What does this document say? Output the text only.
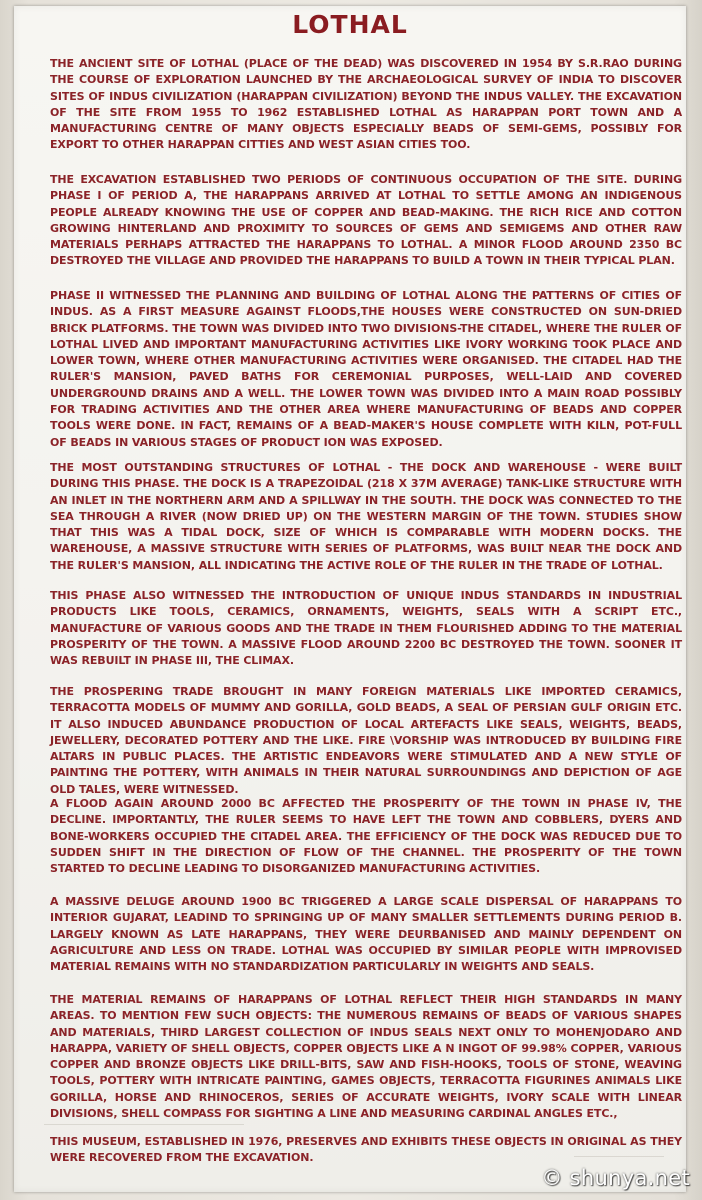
LOTHAL
THE ANCIENT SITE OF LOTHAL (PLACE OF THE DEAD) WAS DISCOVERED IN 1954 BY S.R.RAO DURING THE COURSE OF EXPLORATION LAUNCHED BY THE ARCHAEOLOGICAL SURVEY OF INDIA TO DISCOVER SITES OF INDUS CIVILIZATION (HARAPPAN CIVILIZATION) BEYOND THE INDUS VALLEY. THE EXCAVATION OF THE SITE FROM 1955 TO 1962 ESTABLISHED LOTHAL AS HARAPPAN PORT TOWN AND A MANUFACTURING CENTRE OF MANY OBJECTS ESPECIALLY BEADS OF SEMI-GEMS, POSSIBLY FOR EXPORT TO OTHER HARAPPAN CITTIES AND WEST ASIAN CITIES TOO.
THE EXCAVATION ESTABLISHED TWO PERIODS OF CONTINUOUS OCCUPATION OF THE SITE. DURING PHASE I OF PERIOD A, THE HARAPPANS ARRIVED AT LOTHAL TO SETTLE AMONG AN INDIGENOUS PEOPLE ALREADY KNOWING THE USE OF COPPER AND BEAD-MAKING. THE RICH RICE AND COTTON GROWING HINTERLAND AND PROXIMITY TO SOURCES OF GEMS AND SEMIGEMS AND OTHER RAW MATERIALS PERHAPS ATTRACTED THE HARAPPANS TO LOTHAL. A MINOR FLOOD AROUND 2350 BC DESTROYED THE VILLAGE AND PROVIDED THE HARAPPANS TO BUILD A TOWN IN THEIR TYPICAL PLAN.
PHASE II WITNESSED THE PLANNING AND BUILDING OF LOTHAL ALONG THE PATTERNS OF CITIES OF INDUS. AS A FIRST MEASURE AGAINST FLOODS,THE HOUSES WERE CONSTRUCTED ON SUN-DRIED BRICK PLATFORMS. THE TOWN WAS DIVIDED INTO TWO DIVISIONS-THE CITADEL, WHERE THE RULER OF LOTHAL LIVED AND IMPORTANT MANUFACTURING ACTIVITIES LIKE IVORY WORKING TOOK PLACE AND LOWER TOWN, WHERE OTHER MANUFACTURING ACTIVITIES WERE ORGANISED. THE CITADEL HAD THE RULER'S MANSION, PAVED BATHS FOR CEREMONIAL PURPOSES, WELL-LAID AND COVERED UNDERGROUND DRAINS AND A WELL. THE LOWER TOWN WAS DIVIDED INTO A MAIN ROAD POSSIBLY FOR TRADING ACTIVITIES AND THE OTHER AREA WHERE MANUFACTURING OF BEADS AND COPPER TOOLS WERE DONE. IN FACT, REMAINS OF A BEAD-MAKER'S HOUSE COMPLETE WITH KILN, POT-FULL OF BEADS IN VARIOUS STAGES OF PRODUCT ION WAS EXPOSED.
THE MOST OUTSTANDING STRUCTURES OF LOTHAL - THE DOCK AND WAREHOUSE - WERE BUILT DURING THIS PHASE. THE DOCK IS A TRAPEZOIDAL (218 X 37M AVERAGE) TANK-LIKE STRUCTURE WITH AN INLET IN THE NORTHERN ARM AND A SPILLWAY IN THE SOUTH. THE DOCK WAS CONNECTED TO THE SEA THROUGH A RIVER (NOW DRIED UP) ON THE WESTERN MARGIN OF THE TOWN. STUDIES SHOW THAT THIS WAS A TIDAL DOCK, SIZE OF WHICH IS COMPARABLE WITH MODERN DOCKS. THE WAREHOUSE, A MASSIVE STRUCTURE WITH SERIES OF PLATFORMS, WAS BUILT NEAR THE DOCK AND THE RULER'S MANSION, ALL INDICATING THE ACTIVE ROLE OF THE RULER IN THE TRADE OF LOTHAL.
THIS PHASE ALSO WITNESSED THE INTRODUCTION OF UNIQUE INDUS STANDARDS IN INDUSTRIAL PRODUCTS LIKE TOOLS, CERAMICS, ORNAMENTS, WEIGHTS, SEALS WITH A SCRIPT ETC., MANUFACTURE OF VARIOUS GOODS AND THE TRADE IN THEM FLOURISHED ADDING TO THE MATERIAL PROSPERITY OF THE TOWN. A MASSIVE FLOOD AROUND 2200 BC DESTROYED THE TOWN. SOONER IT WAS REBUILT IN PHASE III, THE CLIMAX.
THE PROSPERING TRADE BROUGHT IN MANY FOREIGN MATERIALS LIKE IMPORTED CERAMICS, TERRACOTTA MODELS OF MUMMY AND GORILLA, GOLD BEADS, A SEAL OF PERSIAN GULF ORIGIN ETC. IT ALSO INDUCED ABUNDANCE PRODUCTION OF LOCAL ARTEFACTS LIKE SEALS, WEIGHTS, BEADS, JEWELLERY, DECORATED POTTERY AND THE LIKE. FIRE \VORSHIP WAS INTRODUCED BY BUILDING FIRE ALTARS IN PUBLIC PLACES. THE ARTISTIC ENDEAVORS WERE STIMULATED AND A NEW STYLE OF PAINTING THE POTTERY, WITH ANIMALS IN THEIR NATURAL SURROUNDINGS AND DEPICTION OF AGE OLD TALES, WERE WITNESSED.
A FLOOD AGAIN AROUND 2000 BC AFFECTED THE PROSPERITY OF THE TOWN IN PHASE IV, THE DECLINE. IMPORTANTLY, THE RULER SEEMS TO HAVE LEFT THE TOWN AND COBBLERS, DYERS AND BONE-WORKERS OCCUPIED THE CITADEL AREA. THE EFFICIENCY OF THE DOCK WAS REDUCED DUE TO SUDDEN SHIFT IN THE DIRECTION OF FLOW OF THE CHANNEL. THE PROSPERITY OF THE TOWN STARTED TO DECLINE LEADING TO DISORGANIZED MANUFACTURING ACTIVITIES.
A MASSIVE DELUGE AROUND 1900 BC TRIGGERED A LARGE SCALE DISPERSAL OF HARAPPANS TO INTERIOR GUJARAT, LEADIND TO SPRINGING UP OF MANY SMALLER SETTLEMENTS DURING PERIOD B. LARGELY KNOWN AS LATE HARAPPANS, THEY WERE DEURBANISED AND MAINLY DEPENDENT ON AGRICULTURE AND LESS ON TRADE. LOTHAL WAS OCCUPIED BY SIMILAR PEOPLE WITH IMPROVISED MATERIAL REMAINS WITH NO STANDARDIZATION PARTICULARLY IN WEIGHTS AND SEALS.
THE MATERIAL REMAINS OF HARAPPANS OF LOTHAL REFLECT THEIR HIGH STANDARDS IN MANY AREAS. TO MENTION FEW SUCH OBJECTS: THE NUMEROUS REMAINS OF BEADS OF VARIOUS SHAPES AND MATERIALS, THIRD LARGEST COLLECTION OF INDUS SEALS NEXT ONLY TO MOHENJODARO AND HARAPPA, VARIETY OF SHELL OBJECTS, COPPER OBJECTS LIKE A N INGOT OF 99.98% COPPER, VARIOUS COPPER AND BRONZE OBJECTS LIKE DRILL-BITS, SAW AND FISH-HOOKS, TOOLS OF STONE, WEAVING TOOLS, POTTERY WITH INTRICATE PAINTING, GAMES OBJECTS, TERRACOTTA FIGURINES ANIMALS LIKE GORILLA, HORSE AND RHINOCEROS, SERIES OF ACCURATE WEIGHTS, IVORY SCALE WITH LINEAR DIVISIONS, SHELL COMPASS FOR SIGHTING A LINE AND MEASURING CARDINAL ANGLES ETC.,
THIS MUSEUM, ESTABLISHED IN 1976, PRESERVES AND EXHIBITS THESE OBJECTS IN ORIGINAL AS THEY WERE RECOVERED FROM THE EXCAVATION.
© shunya.net
